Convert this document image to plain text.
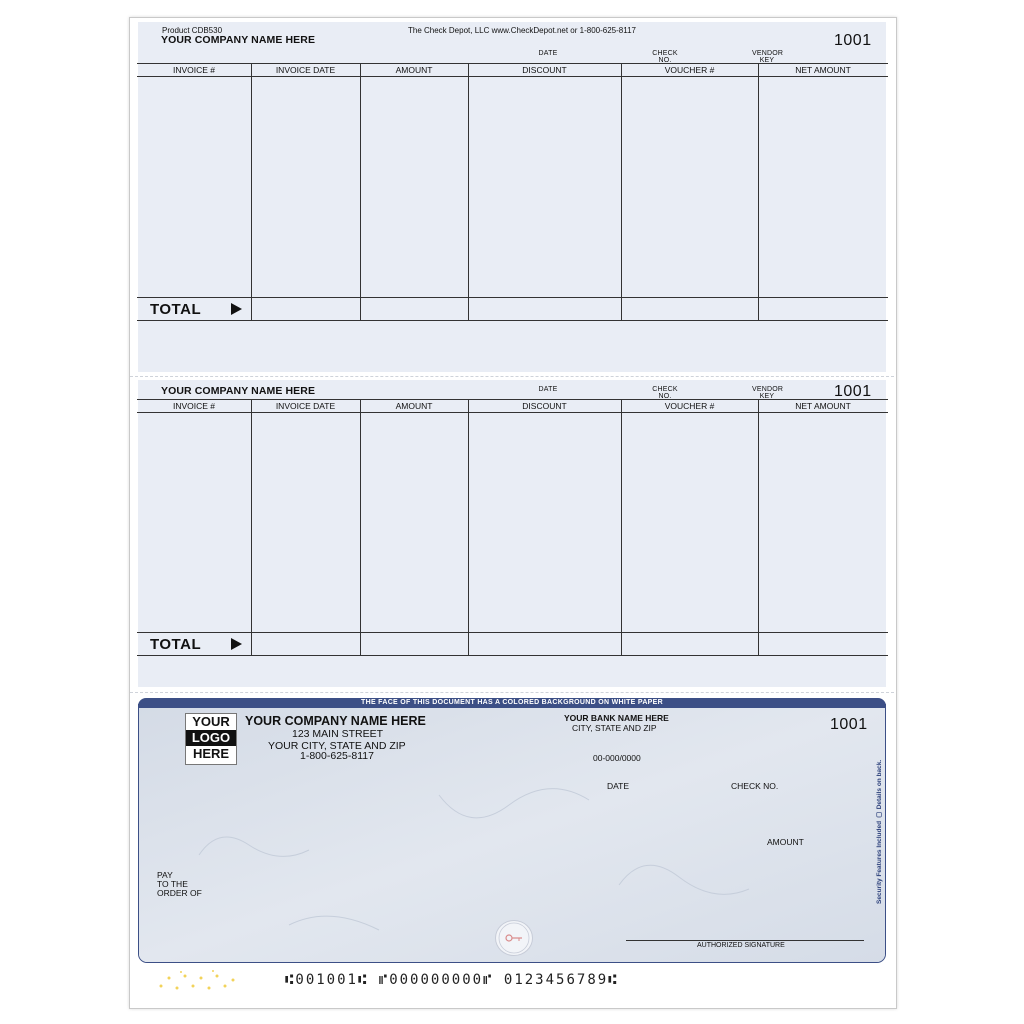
Product CDB530	The Check Depot, LLC www.CheckDepot.net or 1-800-625-8117
YOUR COMPANY NAME HERE
DATE	CHECK
NO.
VENDOR
KEY
1001
INVOICE #	INVOICE DATE	AMOUNT	DISCOUNT	VOUCHER #	NET AMOUNT
TOTAL
YOUR COMPANY NAME HERE	DATE	CHECK
NO.
VENDOR
KEY	1001
INVOICE #	INVOICE DATE	AMOUNT	DISCOUNT	VOUCHER #	NET AMOUNT
TOTAL
THE FACE OF THIS DOCUMENT HAS A COLORED BACKGROUND ON WHITE PAPER
YOUR
LOGO
HERE
YOUR COMPANY NAME HERE
123 MAIN STREET
YOUR CITY, STATE AND ZIP
1-800-625-8117
YOUR BANK NAME HERE
CITY, STATE AND ZIP
00-000/0000
1001
DATE	CHECK NO.
AMOUNT
PAY
TO THE
ORDER OF
AUTHORIZED SIGNATURE
Security Features Included ▢ Details on back.
⑆001001⑆ ⑈000000000⑈ 0123456789⑆
